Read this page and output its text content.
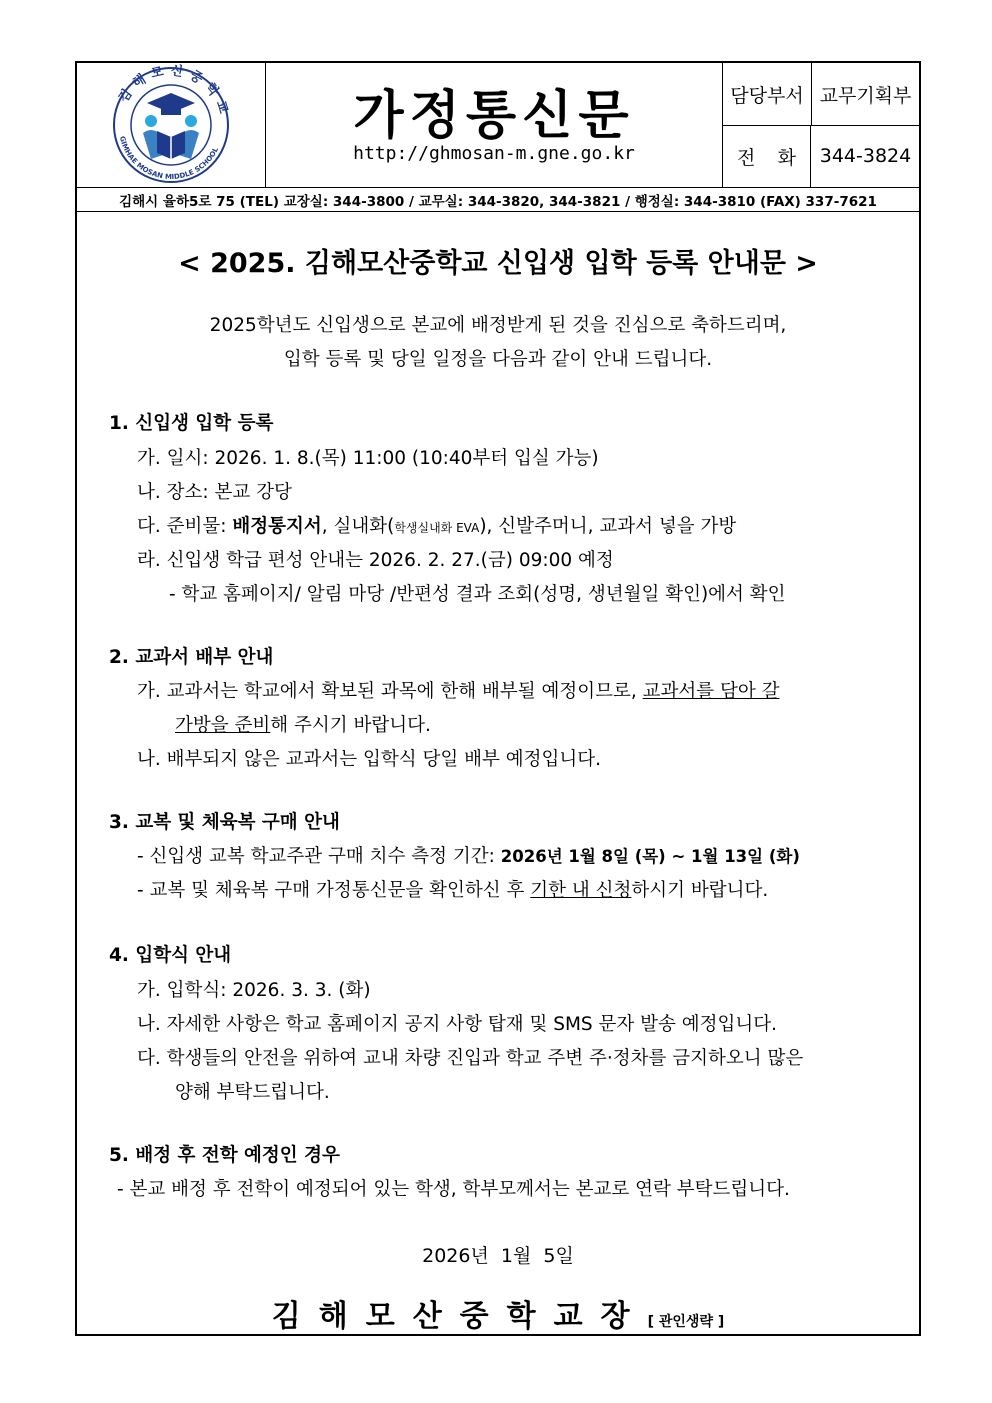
김해모산중학교
GIMHAE MOSAN MIDDLE SCHOOL
가정통신문
http://ghmosan-m.gne.go.kr
담당부서 교무기획부
전 화	344-3824
김해시 율하5로 75 (TEL) 교장실: 344-3800 / 교무실: 344-3820, 344-3821 / 행정실: 344-3810 (FAX) 337-7621
< 2025. 김해모산중학교 신입생 입학 등록 안내문 >
2025학년도 신입생으로 본교에 배정받게 된 것을 진심으로 축하드리며,
입학 등록 및 당일 일정을 다음과 같이 안내 드립니다.
1. 신입생 입학 등록
가. 일시: 2026. 1. 8.(목) 11:00 (10:40부터 입실 가능)
나. 장소: 본교 강당
다. 준비물: 배정통지서, 실내화(학생실내화 EVA), 신발주머니, 교과서 넣을 가방
라. 신입생 학급 편성 안내는 2026. 2. 27.(금) 09:00 예정
- 학교 홈페이지/ 알림 마당 /반편성 결과 조회(성명, 생년월일 확인)에서 확인
2. 교과서 배부 안내
가. 교과서는 학교에서 확보된 과목에 한해 배부될 예정이므로, 교과서를 담아 갈
가방을 준비해 주시기 바랍니다.
나. 배부되지 않은 교과서는 입학식 당일 배부 예정입니다.
3. 교복 및 체육복 구매 안내
- 신입생 교복 학교주관 구매 치수 측정 기간: 2026년 1월 8일 (목) ~ 1월 13일 (화)
- 교복 및 체육복 구매 가정통신문을 확인하신 후 기한 내 신청하시기 바랍니다.
4. 입학식 안내
가. 입학식: 2026. 3. 3. (화)
나. 자세한 사항은 학교 홈페이지 공지 사항 탑재 및 SMS 문자 발송 예정입니다.
다. 학생들의 안전을 위하여 교내 차량 진입과 학교 주변 주·정차를 금지하오니 많은
양해 부탁드립니다.
5. 배정 후 전학 예정인 경우
- 본교 배정 후 전학이 예정되어 있는 학생, 학부모께서는 본교로 연락 부탁드립니다.
2026년  1월  5일
김해모산중학교장[ 관인생략 ]
